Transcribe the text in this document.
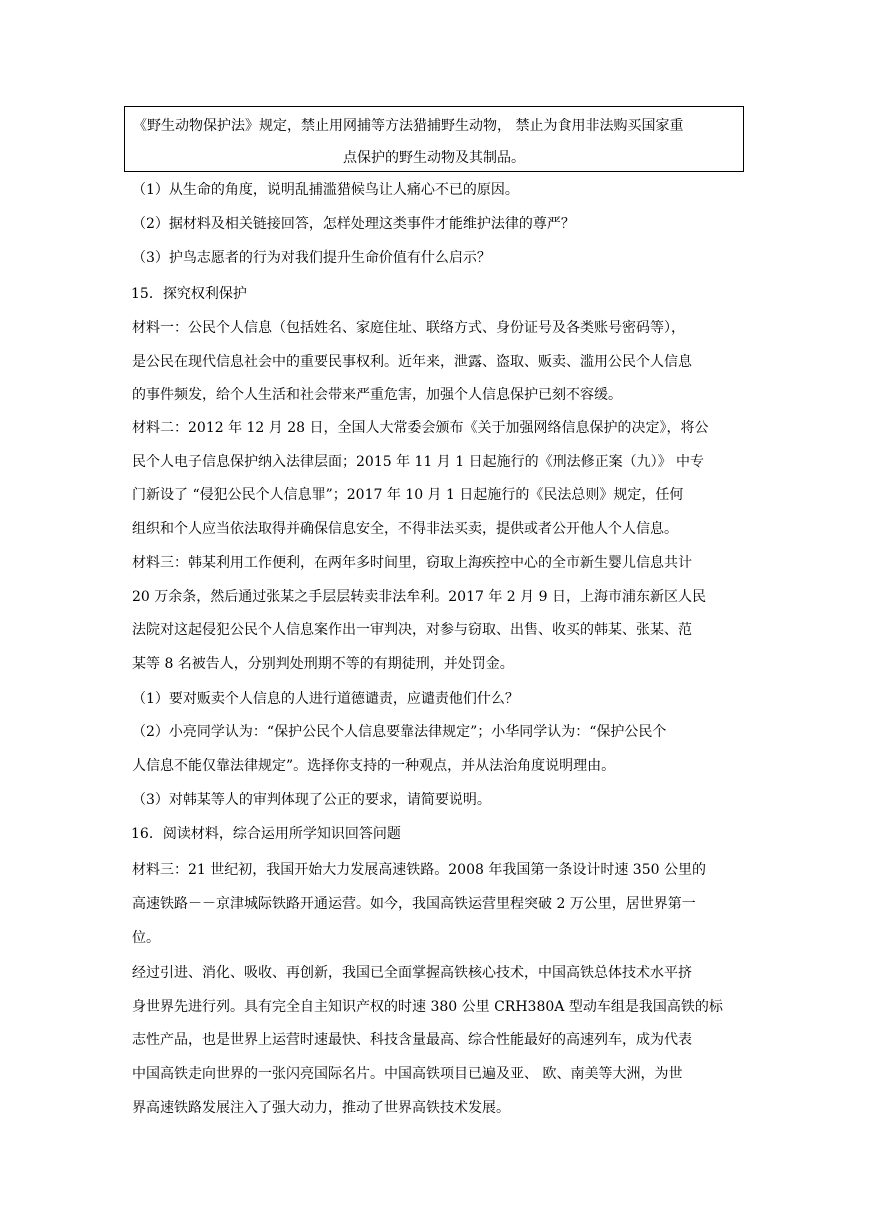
《野生动物保护法》规定，禁止用网捕等方法猎捕野生动物， 禁止为食用非法购买国家重
点保护的野生动物及其制品。
（1）从生命的角度，说明乱捕滥猎候鸟让人痛心不已的原因。
（2）据材料及相关链接回答，怎样处理这类事件才能维护法律的尊严？
（3）护鸟志愿者的行为对我们提升生命价值有什么启示？
15．探究权利保护
材料一：公民个人信息（包括姓名、家庭住址、联络方式、身份证号及各类账号密码等），
是公民在现代信息社会中的重要民事权利。近年来，泄露、盗取、贩卖、滥用公民个人信息
的事件频发，给个人生活和社会带来严重危害，加强个人信息保护已刻不容缓。
材料二：2012 年 12 月 28 日，全国人大常委会颁布《关于加强网络信息保护的决定》，将公
民个人电子信息保护纳入法律层面；2015 年 11 月 1 日起施行的《刑法修正案（九）》 中专
门新设了 “侵犯公民个人信息罪”；2017 年 10 月 1 日起施行的《民法总则》规定，任何
组织和个人应当依法取得并确保信息安全，不得非法买卖，提供或者公开他人个人信息。
材料三：韩某利用工作便利，在两年多时间里，窃取上海疾控中心的全市新生婴儿信息共计
20 万余条，然后通过张某之手层层转卖非法牟利。2017 年 2 月 9 日，上海市浦东新区人民
法院对这起侵犯公民个人信息案作出一审判决，对参与窃取、出售、收买的韩某、张某、范
某等 8 名被告人，分别判处刑期不等的有期徒刑，并处罚金。
（1）要对贩卖个人信息的人进行道德谴责，应谴责他们什么？
（2）小亮同学认为：“保护公民个人信息要靠法律规定”；小华同学认为：“保护公民个
人信息不能仅靠法律规定”。选择你支持的一种观点，并从法治角度说明理由。
（3）对韩某等人的审判体现了公正的要求，请简要说明。
16．阅读材料，综合运用所学知识回答问题
材料三：21 世纪初，我国开始大力发展高速铁路。2008 年我国第一条设计时速 350 公里的
高速铁路－－京津城际铁路开通运营。如今，我国高铁运营里程突破 2 万公里，居世界第一
位。
经过引进、消化、吸收、再创新，我国已全面掌握高铁核心技术，中国高铁总体技术水平挤
身世界先进行列。具有完全自主知识产权的时速 380 公里 CRH380A 型动车组是我国高铁的标
志性产品，也是世界上运营时速最快、科技含量最高、综合性能最好的高速列车，成为代表
中国高铁走向世界的一张闪亮国际名片。中国高铁项目已遍及亚、 欧、南美等大洲，为世
界高速铁路发展注入了强大动力，推动了世界高铁技术发展。
